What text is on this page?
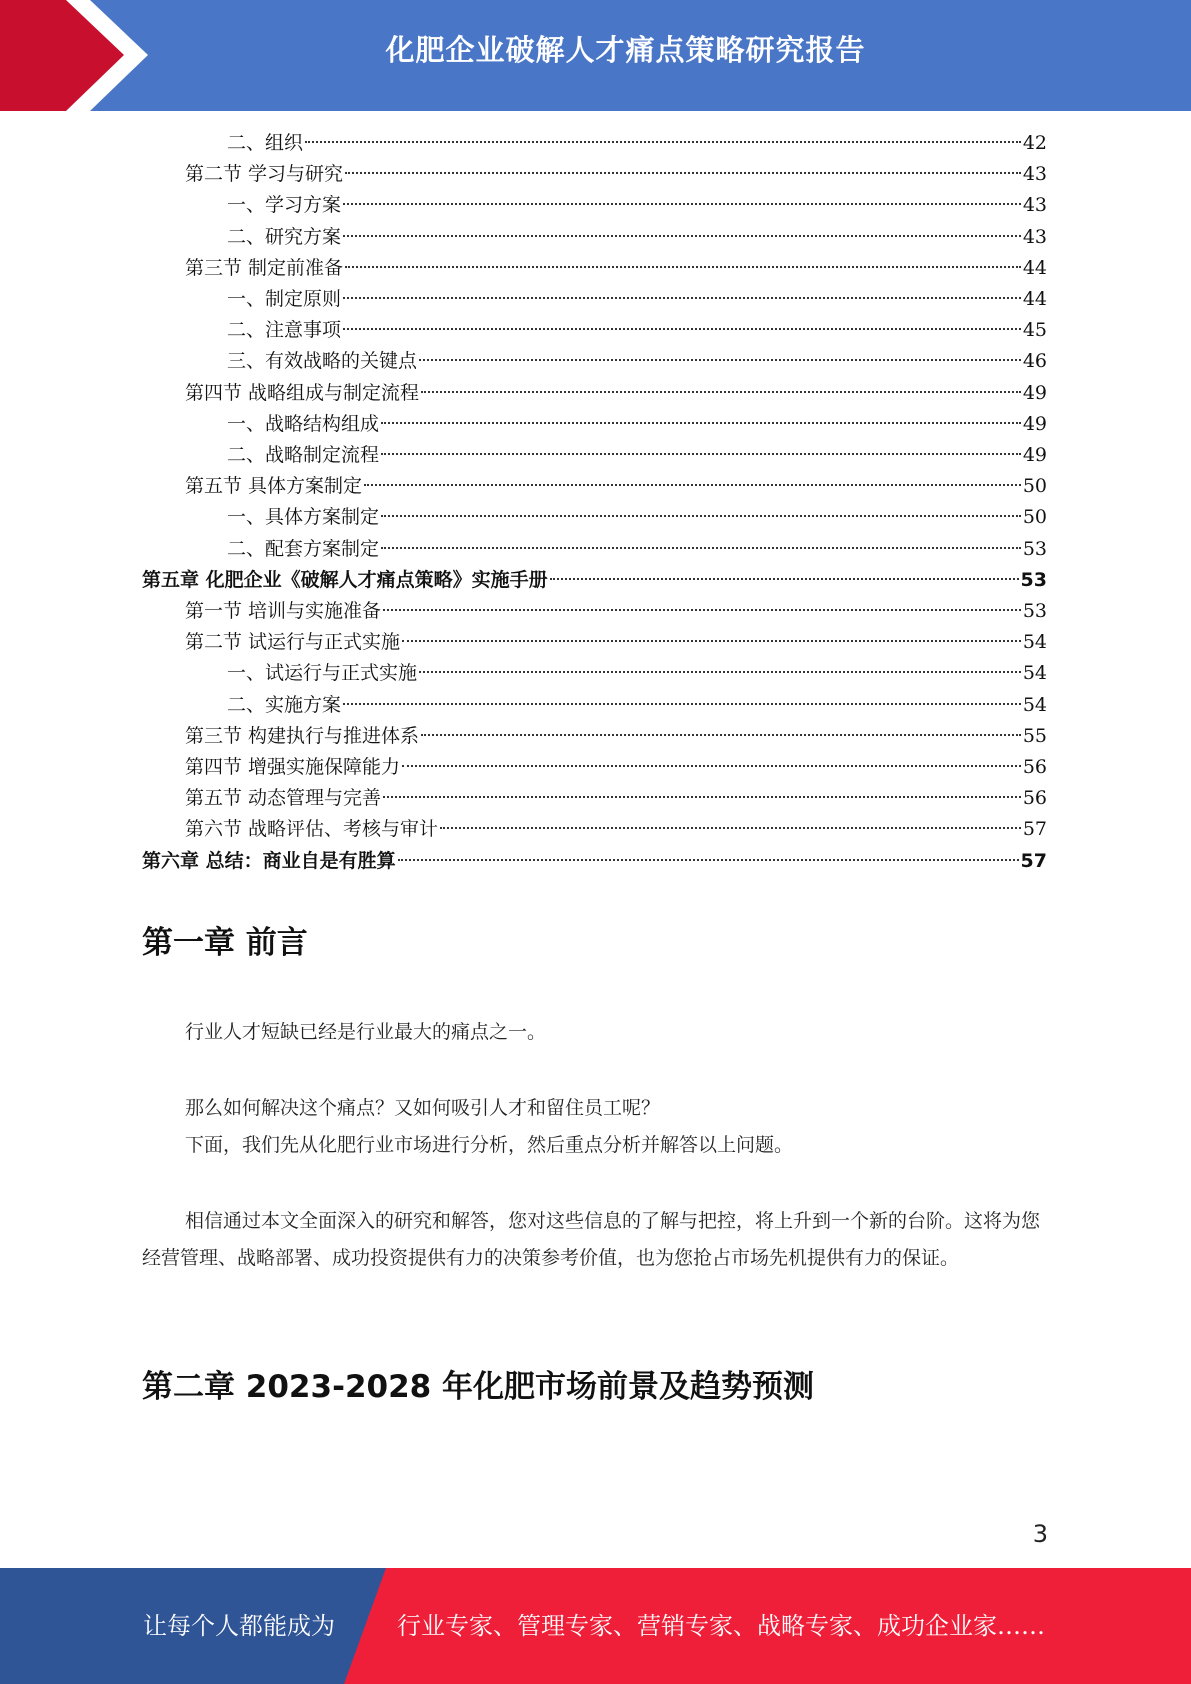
化肥企业破解人才痛点策略研究报告
二、组织	42
第二节 学习与研究	43
一、学习方案	43
二、研究方案	43
第三节 制定前准备	44
一、制定原则	44
二、注意事项	45
三、有效战略的关键点	46
第四节 战略组成与制定流程	49
一、战略结构组成	49
二、战略制定流程	49
第五节 具体方案制定	50
一、具体方案制定	50
二、配套方案制定	53
第五章 化肥企业《破解人才痛点策略》实施手册	53
第一节 培训与实施准备	53
第二节 试运行与正式实施	54
一、试运行与正式实施	54
二、实施方案	54
第三节 构建执行与推进体系	55
第四节 增强实施保障能力	56
第五节 动态管理与完善	56
第六节 战略评估、考核与审计	57
第六章 总结：商业自是有胜算	57
第一章 前言
行业人才短缺已经是行业最大的痛点之一。
那么如何解决这个痛点？又如何吸引人才和留住员工呢？
下面，我们先从化肥行业市场进行分析，然后重点分析并解答以上问题。
相信通过本文全面深入的研究和解答，您对这些信息的了解与把控，将上升到一个新的台阶。这将为您经营管理、战略部署、成功投资提供有力的决策参考价值，也为您抢占市场先机提供有力的保证。
第二章 2023-2028 年化肥市场前景及趋势预测
3
让每个人都能成为	行业专家、管理专家、营销专家、战略专家、成功企业家……
